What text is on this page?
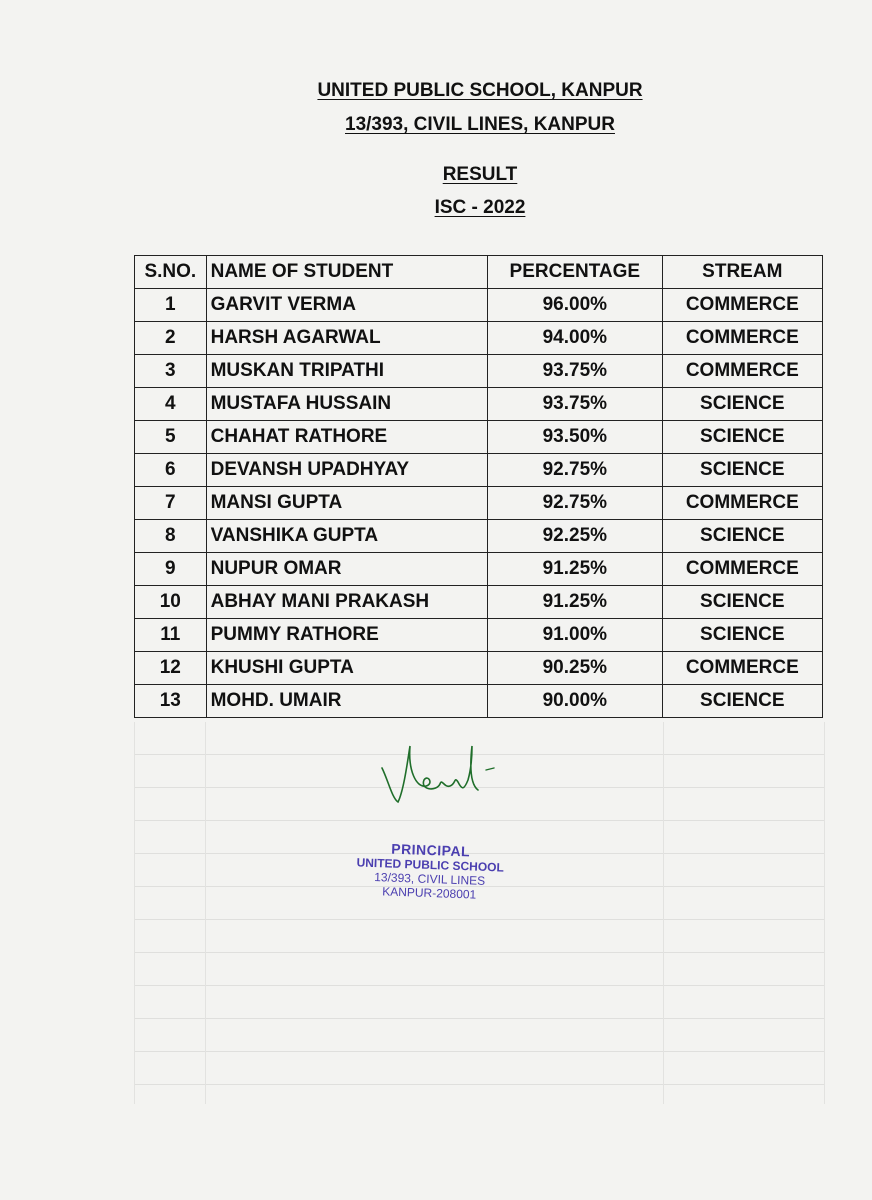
UNITED PUBLIC SCHOOL, KANPUR
13/393, CIVIL LINES, KANPUR
RESULT
ISC - 2022
S.NO.	NAME OF STUDENT	PERCENTAGE	STREAM
1	GARVIT VERMA	96.00%	COMMERCE
2	HARSH AGARWAL	94.00%	COMMERCE
3	MUSKAN TRIPATHI	93.75%	COMMERCE
4	MUSTAFA HUSSAIN	93.75%	SCIENCE
5	CHAHAT RATHORE	93.50%	SCIENCE
6	DEVANSH UPADHYAY	92.75%	SCIENCE
7	MANSI GUPTA	92.75%	COMMERCE
8	VANSHIKA GUPTA	92.25%	SCIENCE
9	NUPUR OMAR	91.25%	COMMERCE
10	ABHAY MANI PRAKASH	91.25%	SCIENCE
11	PUMMY RATHORE	91.00%	SCIENCE
12	KHUSHI GUPTA	90.25%	COMMERCE
13	MOHD. UMAIR	90.00%	SCIENCE
PRINCIPAL
UNITED PUBLIC SCHOOL
13/393, CIVIL LINES
KANPUR-208001
